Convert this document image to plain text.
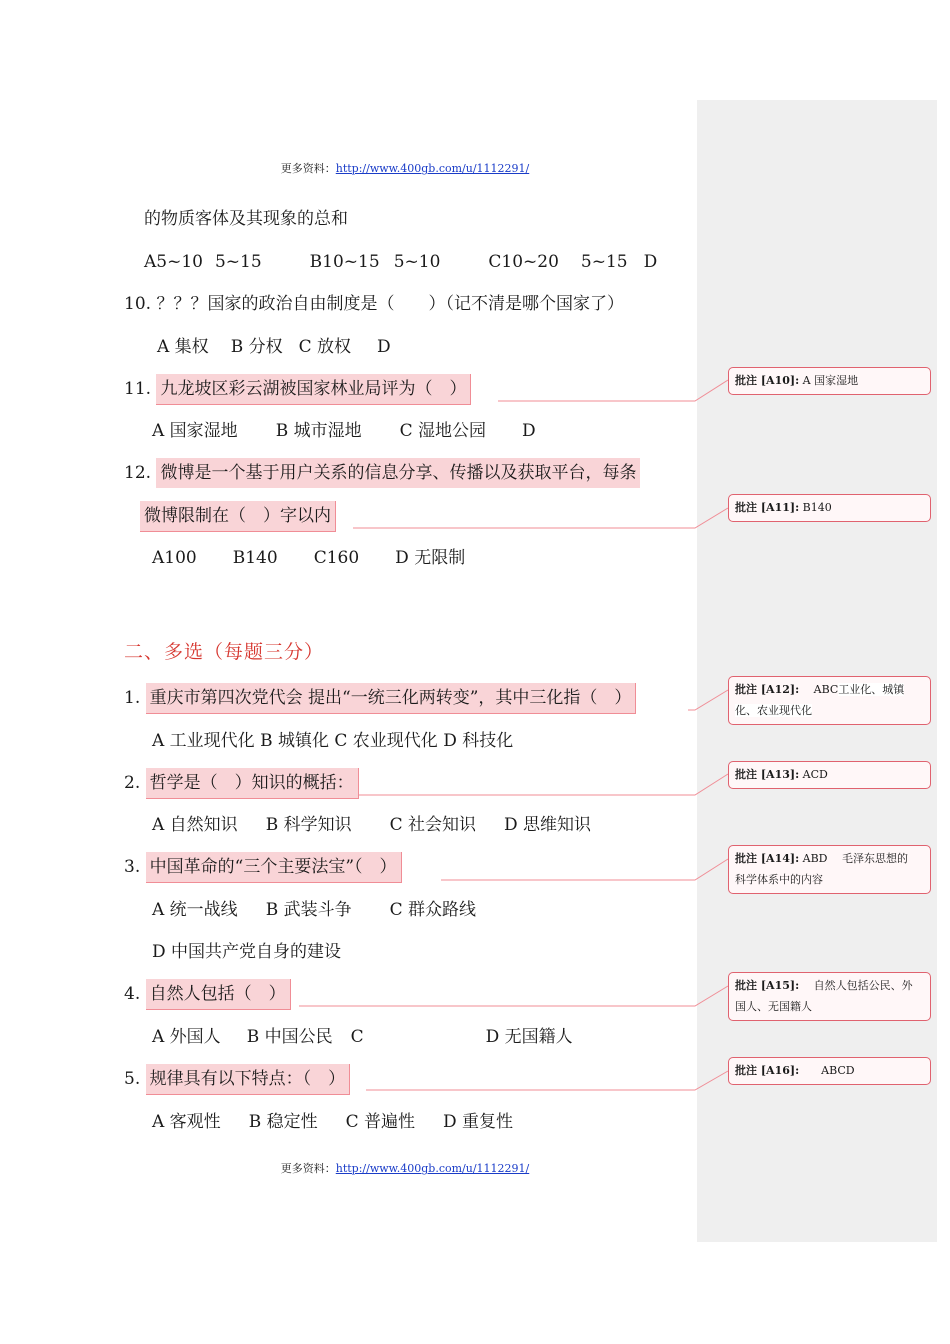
更多资料：http://www.400gb.com/u/1112291/
的物质客体及其现象的总和
A5~10 5~15	B10~15 5~10	C10~20 5~15 D
10. ？？？国家的政治自由制度是（　　）（记不清是哪个国家了）
A 集权 B 分权 C 放权 D
11. 九龙坡区彩云湖被国家林业局评为（　）
A 国家湿地 B 城市湿地 C 湿地公园 D
12. 微博是一个基于用户关系的信息分享、传播以及获取平台，每条
微博限制在（　）字以内
A100 B140 C160 D 无限制
二、多选（每题三分）
1. 重庆市第四次党代会 提出“一统三化两转变”，其中三化指（　）
A 工业现代化 B 城镇化 C 农业现代化 D 科技化
2. 哲学是（　）知识的概括：
A 自然知识 B 科学知识 C 社会知识 D 思维知识
3. 中国革命的“三个主要法宝”（　）
A 统一战线 B 武装斗争 C 群众路线
D 中国共产党自身的建设
4. 自然人包括（　）
A 外国人 B 中国公民 C	D 无国籍人
5. 规律具有以下特点：（　）
A 客观性 B 稳定性 C 普遍性 D 重复性
更多资料：http://www.400gb.com/u/1112291/
批注 [A10]: A 国家湿地
批注 [A11]: B140
批注 [A12]:　 ABC工业化、城镇
化、农业现代化
批注 [A13]: ACD
批注 [A14]: ABD　 毛泽东思想的
科学体系中的内容
批注 [A15]:　 自然人包括公民、外
国人、无国籍人
批注 [A16]:　　 ABCD
